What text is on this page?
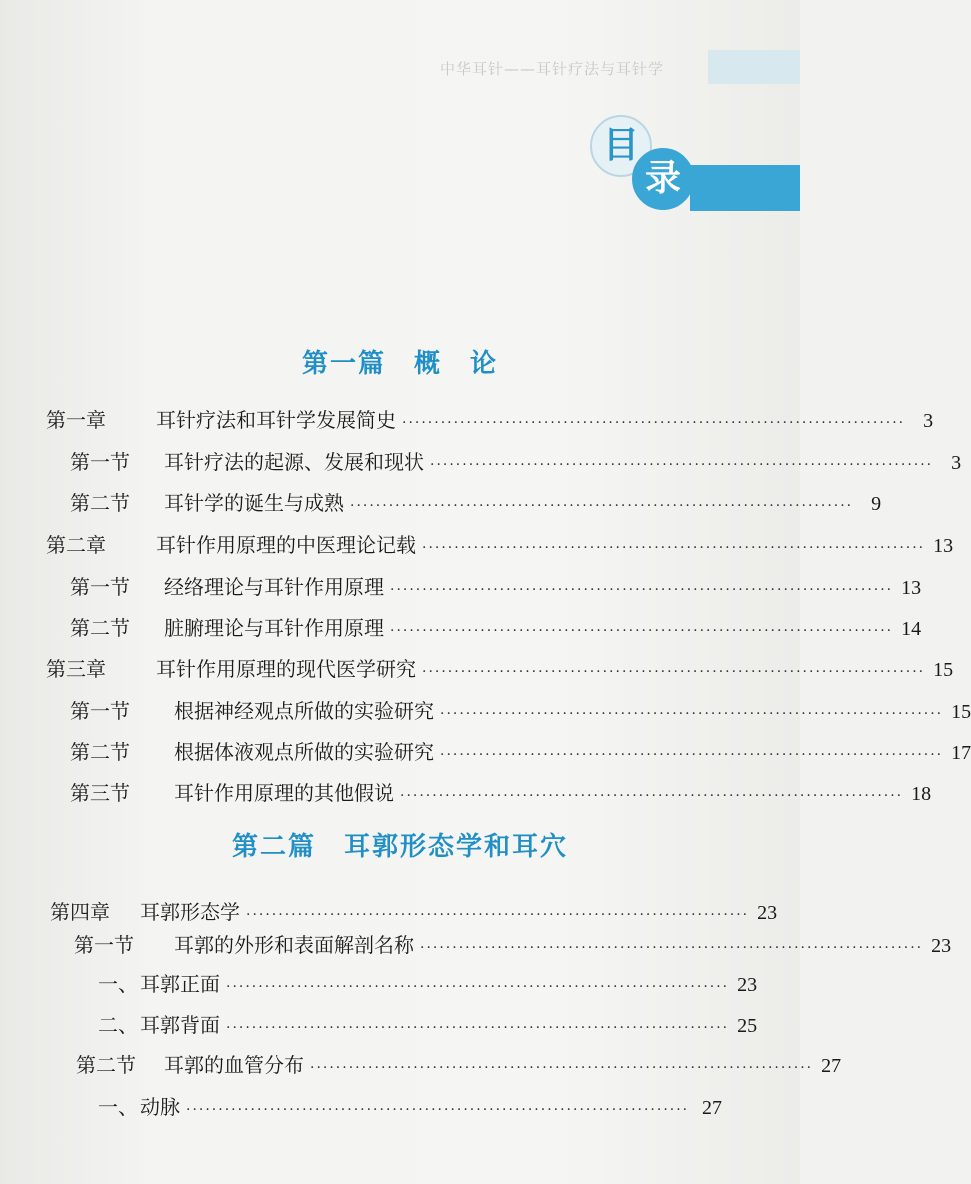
中华耳针——耳针疗法与耳针学
目
录
第一篇　概　论
第一章	耳针疗法和耳针学发展简史 ·············································································· 3
第一节 耳针疗法的起源、发展和现状 ·············································································· 3
第二节 耳针学的诞生与成熟 ·············································································· 9
第二章	耳针作用原理的中医理论记载 ·············································································· 13
第一节 经络理论与耳针作用原理 ·············································································· 13
第二节 脏腑理论与耳针作用原理 ·············································································· 14
第三章	耳针作用原理的现代医学研究 ·············································································· 15
第一节 根据神经观点所做的实验研究 ·············································································· 15
第二节 根据体液观点所做的实验研究 ·············································································· 17
第三节 耳针作用原理的其他假说 ·············································································· 18
第二篇　耳郭形态学和耳穴
第四章 耳郭形态学 ·············································································· 23
第一节 耳郭的外形和表面解剖名称 ·············································································· 23
一、 耳郭正面 ·············································································· 23
二、 耳郭背面 ·············································································· 25
第二节 耳郭的血管分布 ·············································································· 27
一、 动脉 ·············································································· 27
